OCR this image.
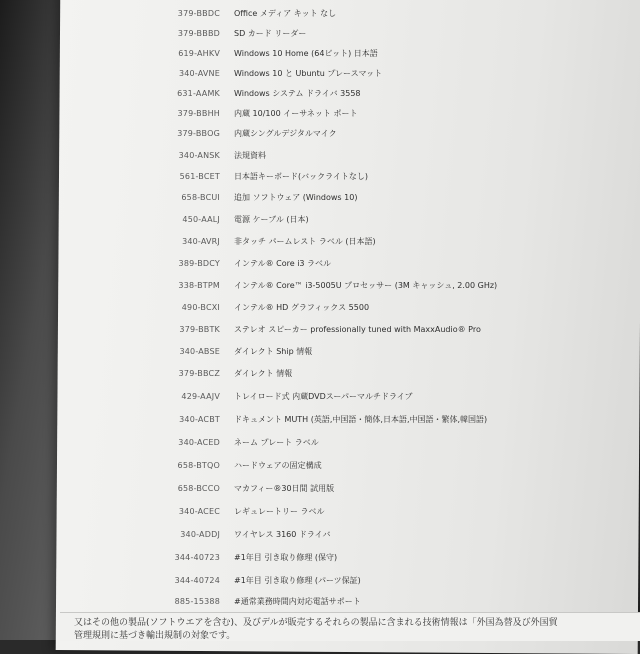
379-BBDC Office メディア キット なし
379-BBBD SD カード リーダー
619-AHKV Windows 10 Home (64ビット) 日本語
340-AVNE Windows 10 と Ubuntu プレースマット
631-AAMK Windows システム ドライバ 3558
379-BBHH 内蔵 10/100 イーサネット ポート
379-BBOG 内蔵シングルデジタルマイク
340-ANSK 法規資料
561-BCET 日本語キーボード(バックライトなし)
658-BCUI 追加 ソフトウェア (Windows 10)
450-AALJ 電源 ケーブル (日本)
340-AVRJ 非タッチ パームレスト ラベル (日本語)
389-BDCY インテル® Core i3 ラベル
338-BTPM インテル® Core™ i3-5005U プロセッサー (3M キャッシュ, 2.00 GHz)
490-BCXI インテル® HD グラフィックス 5500
379-BBTK ステレオ スピーカー professionally tuned with MaxxAudio® Pro
340-ABSE ダイレクト Ship 情報
379-BBCZ ダイレクト 情報
429-AAJV トレイロード式 内蔵DVDスーパーマルチドライブ
340-ACBT ドキュメント MUTH (英語,中国語・簡体,日本語,中国語・繁体,韓国語)
340-ACED ネーム プレート ラベル
658-BTQO ハードウェアの固定構成
658-BCCO マカフィー®30日間 試用版
340-ACEC レギュレートリー ラベル
340-ADDJ ワイヤレス 3160 ドライバ
344-40723 #1年目 引き取り修理 (保守)
344-40724 #1年目 引き取り修理 (パーツ保証)
885-15388 #通常業務時間内対応電話サポート
又はその他の製品(ソフトウエアを含む)、及びデルが販売するそれらの製品に含まれる技術情報は「外国為替及び外国貿
管理規則に基づき輸出規制の対象です。
